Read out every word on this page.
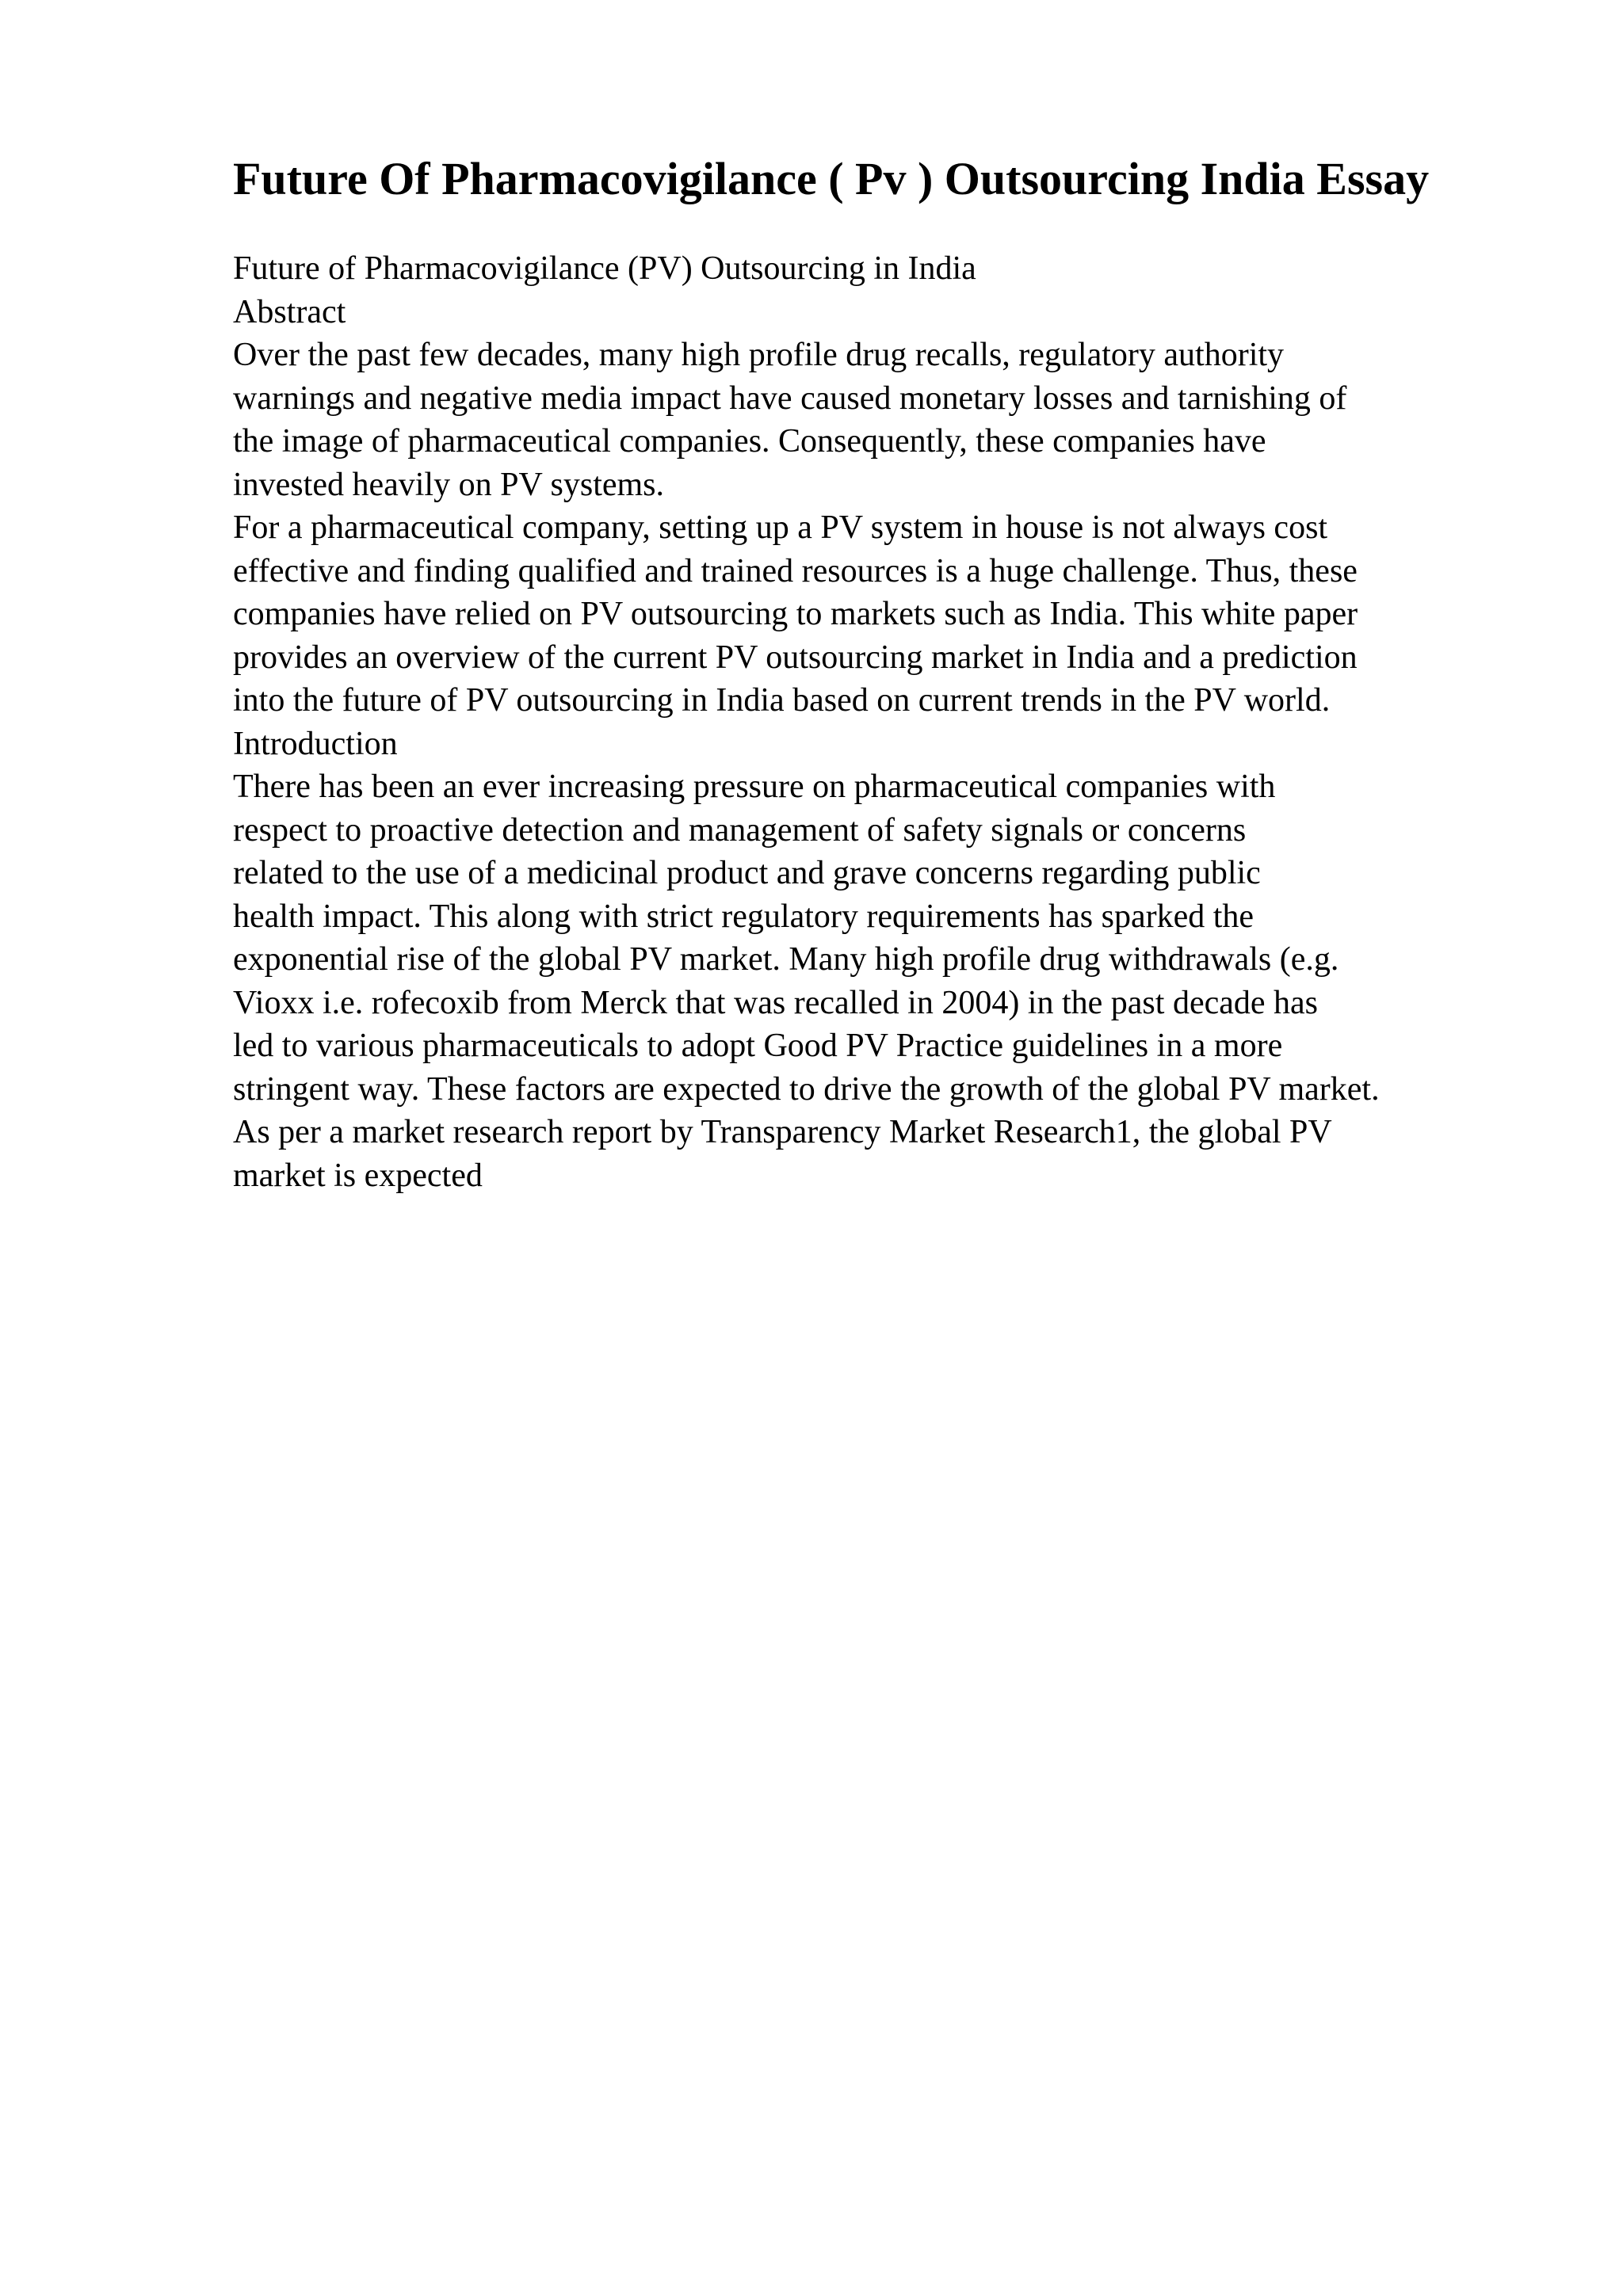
Future Of Pharmacovigilance ( Pv ) Outsourcing India Essay
Future of Pharmacovigilance (PV) Outsourcing in India
Abstract
Over the past few decades, many high profile drug recalls, regulatory authority
warnings and negative media impact have caused monetary losses and tarnishing of
the image of pharmaceutical companies. Consequently, these companies have
invested heavily on PV systems.
For a pharmaceutical company, setting up a PV system in house is not always cost
effective and finding qualified and trained resources is a huge challenge. Thus, these
companies have relied on PV outsourcing to markets such as India. This white paper
provides an overview of the current PV outsourcing market in India and a prediction
into the future of PV outsourcing in India based on current trends in the PV world.
Introduction
There has been an ever increasing pressure on pharmaceutical companies with
respect to proactive detection and management of safety signals or concerns
related to the use of a medicinal product and grave concerns regarding public
health impact. This along with strict regulatory requirements has sparked the
exponential rise of the global PV market. Many high profile drug withdrawals (e.g.
Vioxx i.e. rofecoxib from Merck that was recalled in 2004) in the past decade has
led to various pharmaceuticals to adopt Good PV Practice guidelines in a more
stringent way. These factors are expected to drive the growth of the global PV market.
As per a market research report by Transparency Market Research1, the global PV
market is expected
